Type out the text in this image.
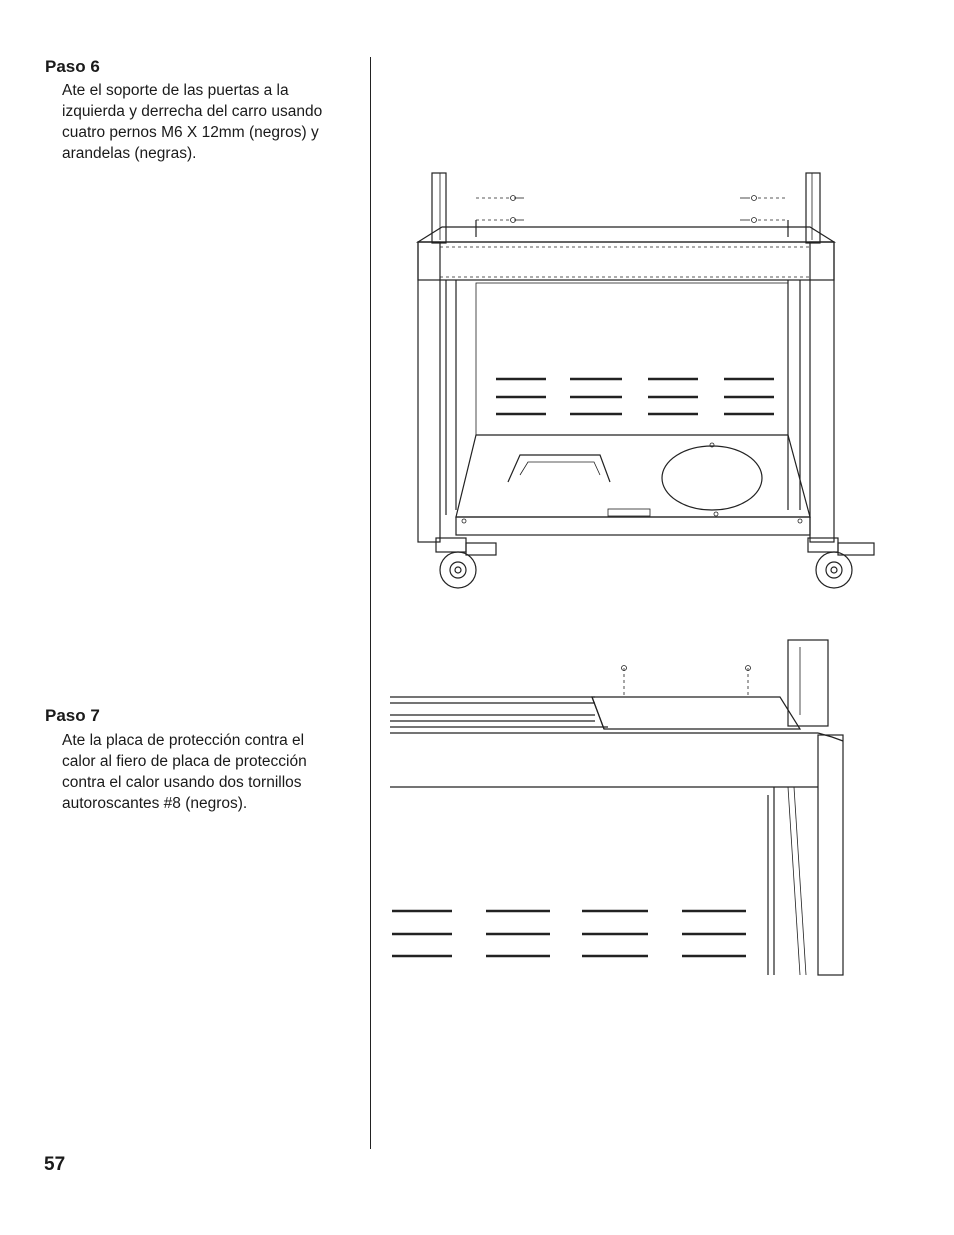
Paso 6
Ate el soporte de las puertas a la izquierda y derrecha del carro usando cuatro pernos M6 X 12mm (negros) y arandelas (negras).
Paso 7
Ate la placa de protección contra el calor al fiero de placa de protección contra el calor usando dos tornillos autoroscantes #8 (negros).
57
